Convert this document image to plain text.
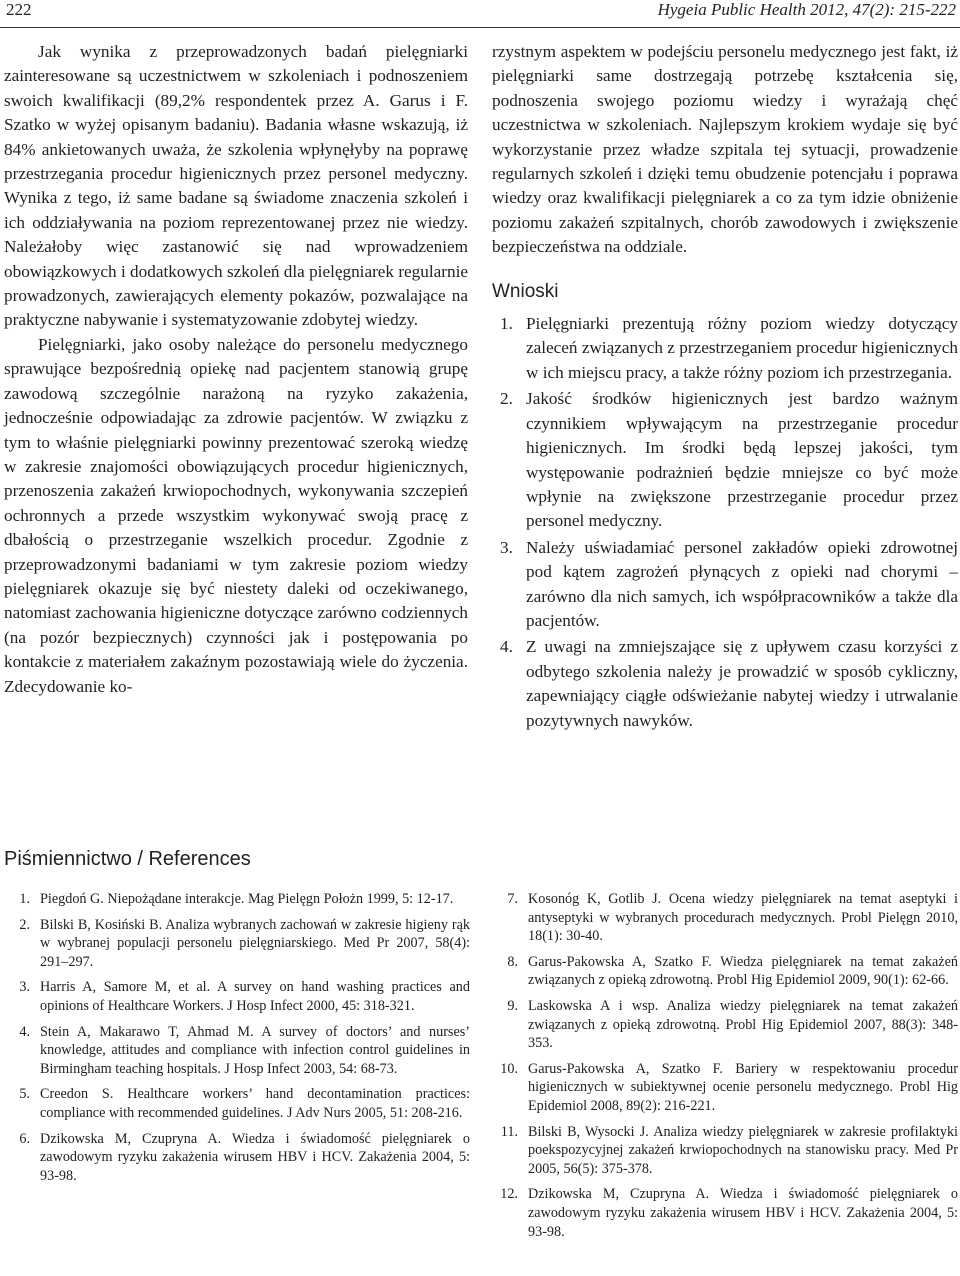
222	Hygeia Public Health 2012, 47(2): 215-222

Jak wynika z przeprowadzonych badań pielęgniarki zainteresowane są uczestnictwem w szkoleniach i podnoszeniem swoich kwalifikacji (89,2% respondentek przez A. Garus i F. Szatko w wyżej opisanym badaniu). Badania własne wskazują, iż 84% ankietowanych uważa, że szkolenia wpłynęłyby na poprawę przestrzegania procedur higienicznych przez personel medyczny. Wynika z tego, iż same badane są świadome znaczenia szkoleń i ich oddziaływania na poziom reprezentowanej przez nie wiedzy. Należałoby więc zastanowić się nad wprowadzeniem obowiązkowych i dodatkowych szkoleń dla pielęgniarek regularnie prowadzonych, zawierających elementy pokazów, pozwalające na praktyczne nabywanie i systematyzowanie zdobytej wiedzy.

Pielęgniarki, jako osoby należące do personelu medycznego sprawujące bezpośrednią opiekę nad pacjentem stanowią grupę zawodową szczególnie narażoną na ryzyko zakażenia, jednocześnie odpowiadając za zdrowie pacjentów. W związku z tym to właśnie pielęgniarki powinny prezentować szeroką wiedzę w zakresie znajomości obowiązujących procedur higienicznych, przenoszenia zakażeń krwiopochodnych, wykonywania szczepień ochronnych a przede wszystkim wykonywać swoją pracę z dbałością o przestrzeganie wszelkich procedur. Zgodnie z przeprowadzonymi badaniami w tym zakresie poziom wiedzy pielęgniarek okazuje się być niestety daleki od oczekiwanego, natomiast zachowania higieniczne dotyczące zarówno codziennych (na pozór bezpiecznych) czynności jak i postępowania po kontakcie z materiałem zakaźnym pozostawiają wiele do życzenia. Zdecydowanie ko-

rzystnym aspektem w podejściu personelu medycznego jest fakt, iż pielęgniarki same dostrzegają potrzebę kształcenia się, podnoszenia swojego poziomu wiedzy i wyrażają chęć uczestnictwa w szkoleniach. Najlepszym krokiem wydaje się być wykorzystanie przez władze szpitala tej sytuacji, prowadzenie regularnych szkoleń i dzięki temu obudzenie potencjału i poprawa wiedzy oraz kwalifikacji pielęgniarek a co za tym idzie obniżenie poziomu zakażeń szpitalnych, chorób zawodowych i zwiększenie bezpieczeństwa na oddziale.

Wnioski
1. Pielęgniarki prezentują różny poziom wiedzy dotyczący zaleceń związanych z przestrzeganiem procedur higienicznych w ich miejscu pracy, a także różny poziom ich przestrzegania.
2. Jakość środków higienicznych jest bardzo ważnym czynnikiem wpływającym na przestrzeganie procedur higienicznych. Im środki będą lepszej jakości, tym występowanie podrażnień będzie mniejsze co być może wpłynie na zwiększone przestrzeganie procedur przez personel medyczny.
3. Należy uświadamiać personel zakładów opieki zdrowotnej pod kątem zagrożeń płynących z opieki nad chorymi – zarówno dla nich samych, ich współpracowników a także dla pacjentów.
4. Z uwagi na zmniejszające się z upływem czasu korzyści z odbytego szkolenia należy je prowadzić w sposób cykliczny, zapewniający ciągłe odświeżanie nabytej wiedzy i utrwalanie pozytywnych nawyków.
Piśmiennictwo / References
1. Piegdoń G. Niepożądane interakcje. Mag Pielęgn Położn 1999, 5: 12-17.
2. Bilski B, Kosiński B. Analiza wybranych zachowań w zakresie higieny rąk w wybranej populacji personelu pielęgniarskiego. Med Pr 2007, 58(4): 291–297.
3. Harris A, Samore M, et al. A survey on hand washing practices and opinions of Healthcare Workers. J Hosp Infect 2000, 45: 318-321.
4. Stein A, Makarawo T, Ahmad M. A survey of doctors’ and nurses’ knowledge, attitudes and compliance with infection control guidelines in Birmingham teaching hospitals. J Hosp Infect 2003, 54: 68-73.
5. Creedon S. Healthcare workers’ hand decontamination practices: compliance with recommended guidelines. J Adv Nurs 2005, 51: 208-216.
6. Dzikowska M, Czupryna A. Wiedza i świadomość pielęgniarek o zawodowym ryzyku zakażenia wirusem HBV i HCV. Zakażenia 2004, 5: 93-98.
7. Kosonóg K, Gotlib J. Ocena wiedzy pielęgniarek na temat aseptyki i antyseptyki w wybranych procedurach medycznych. Probl Pielęgn 2010, 18(1): 30-40.
8. Garus-Pakowska A, Szatko F. Wiedza pielęgniarek na temat zakażeń związanych z opieką zdrowotną. Probl Hig Epidemiol 2009, 90(1): 62-66.
9. Laskowska A i wsp. Analiza wiedzy pielęgniarek na temat zakażeń związanych z opieką zdrowotną. Probl Hig Epidemiol 2007, 88(3): 348-353.
10. Garus-Pakowska A, Szatko F. Bariery w respektowaniu procedur higienicznych w subiektywnej ocenie personelu medycznego. Probl Hig Epidemiol 2008, 89(2): 216-221.
11. Bilski B, Wysocki J. Analiza wiedzy pielęgniarek w zakresie profilaktyki poekspozycyjnej zakażeń krwiopochodnych na stanowisku pracy. Med Pr 2005, 56(5): 375-378.
12. Dzikowska M, Czupryna A. Wiedza i świadomość pielęgniarek o zawodowym ryzyku zakażenia wirusem HBV i HCV. Zakażenia 2004, 5: 93-98.
